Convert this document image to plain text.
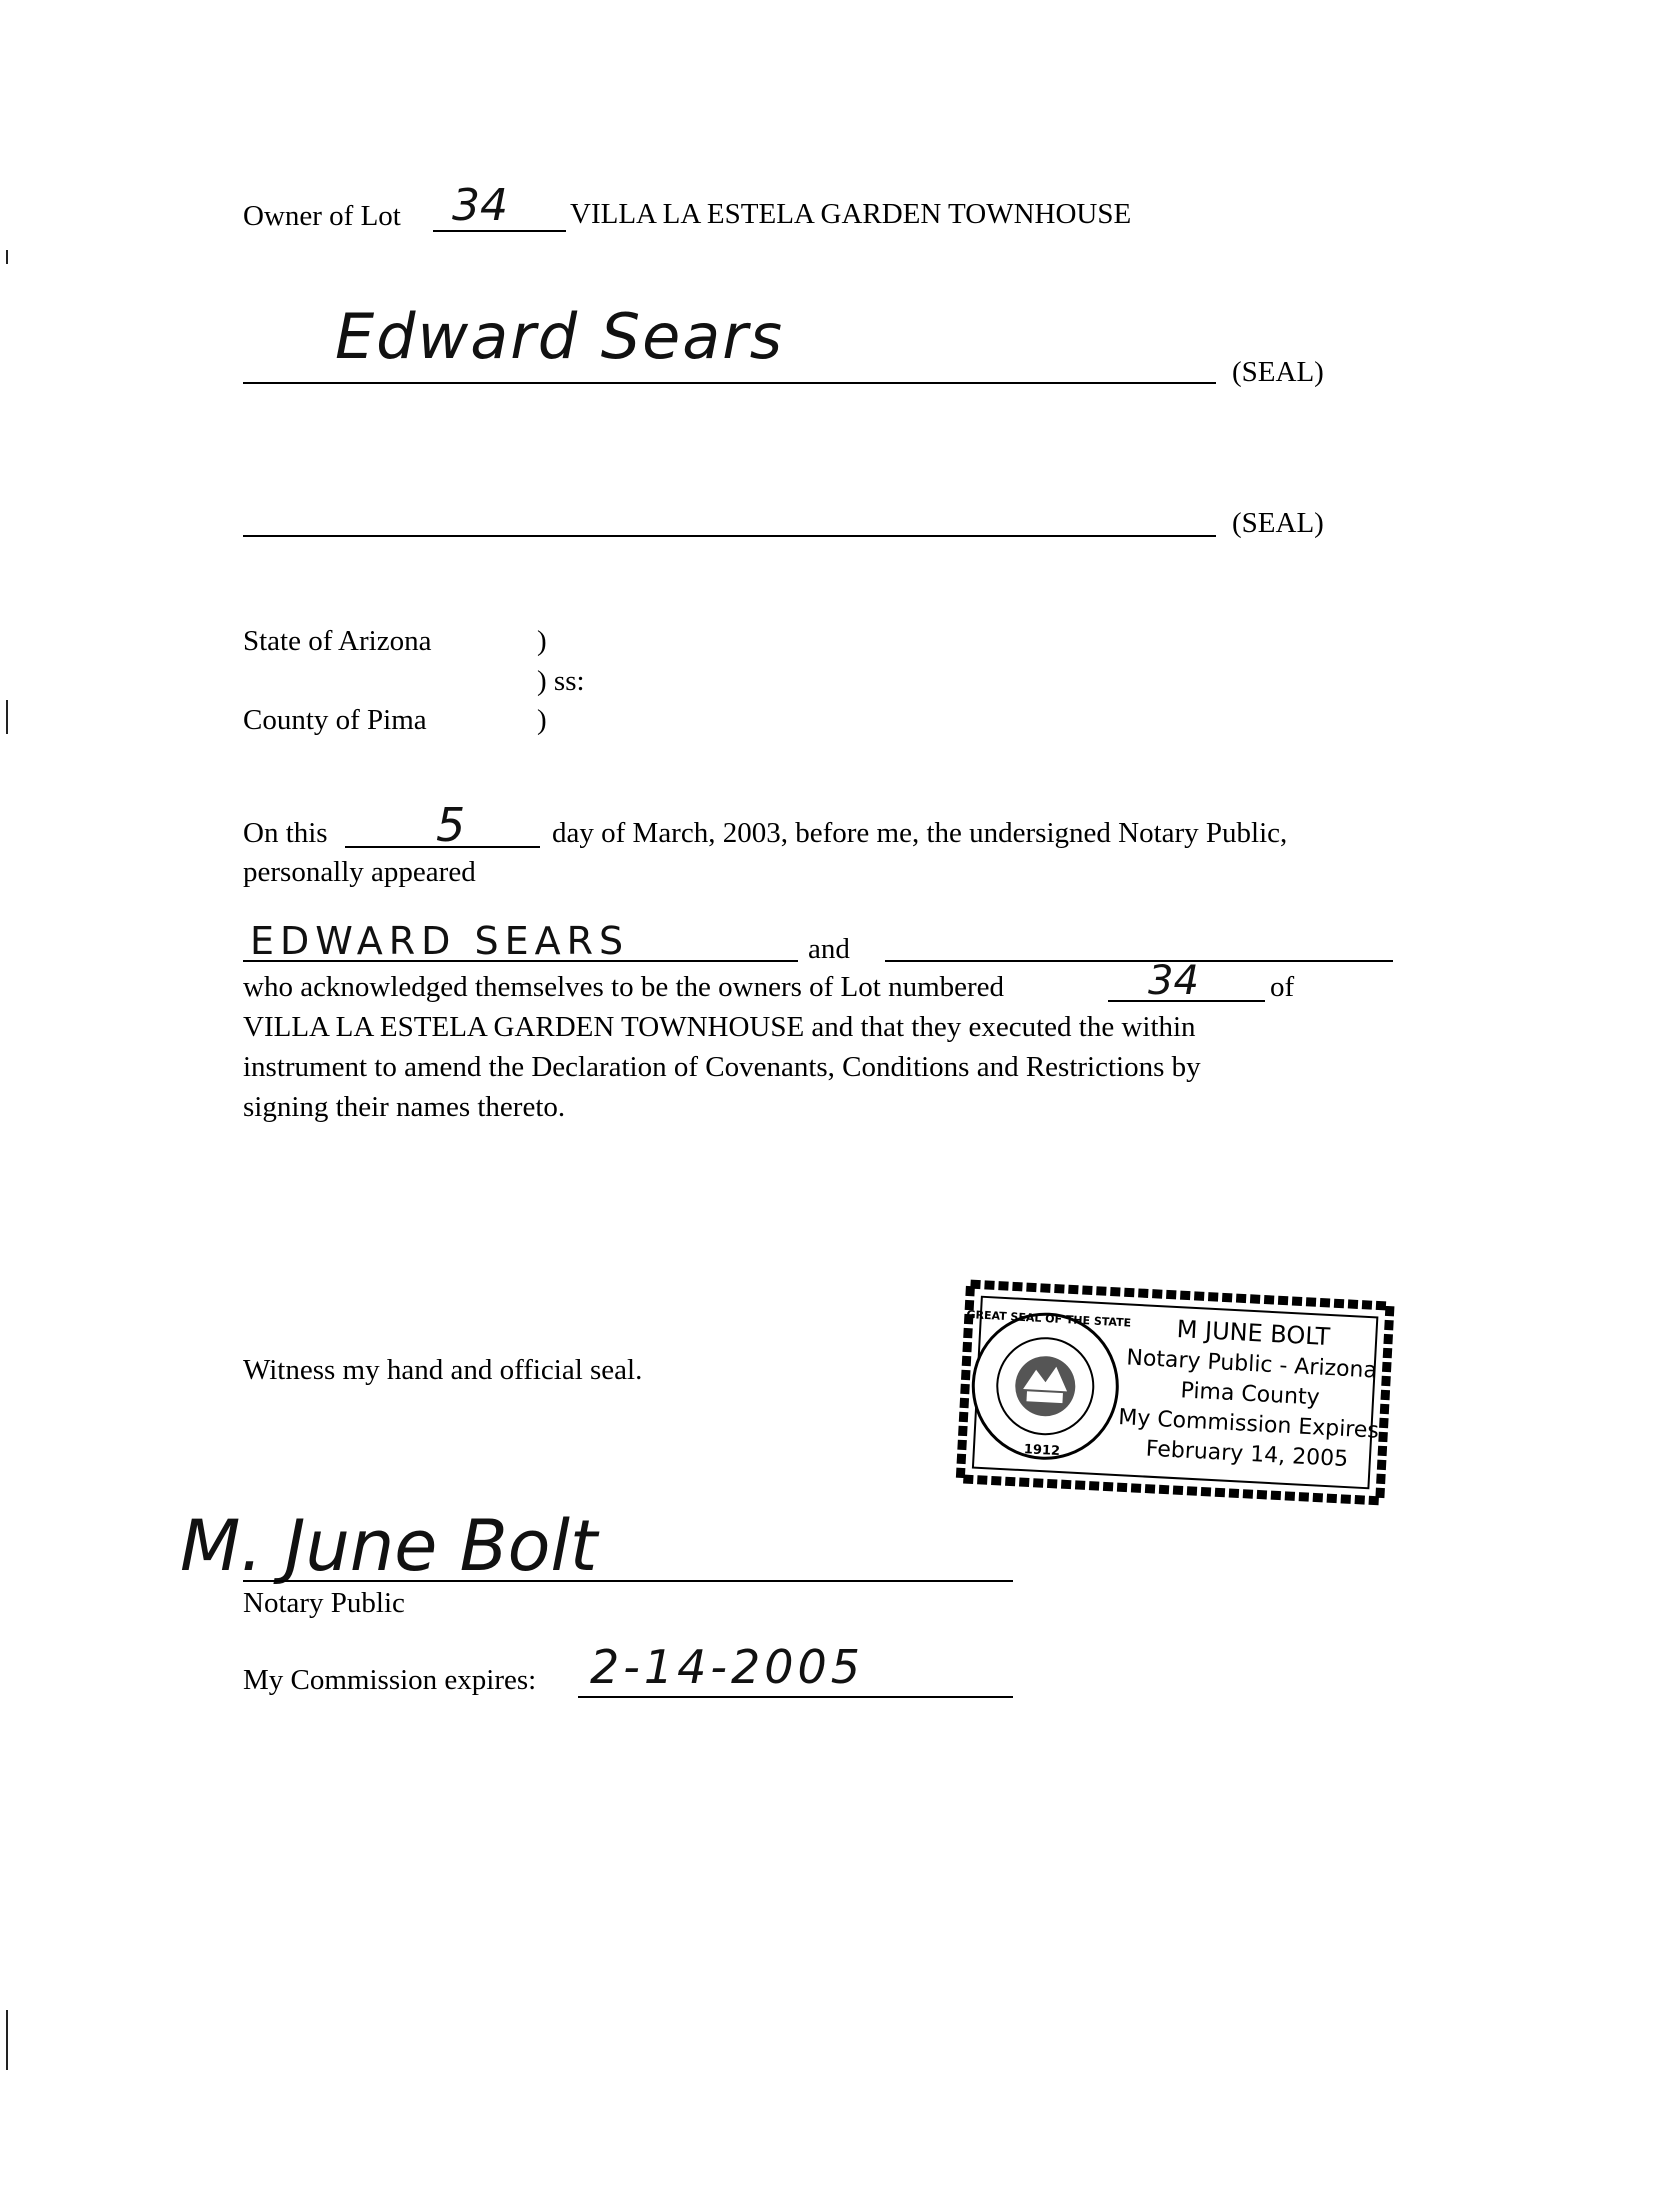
Owner of Lot 34 VILLA LA ESTELA GARDEN TOWNHOUSE
Edward Sears	(SEAL)
(SEAL)
State of Arizona	)
) ss:
County of Pima	)
On this 5	day of March, 2003, before me, the undersigned Notary Public,
personally appeared
EDWARD SEARS	and
who acknowledged themselves to be the owners of Lot numbered	34 of
VILLA LA ESTELA GARDEN TOWNHOUSE and that they executed the within
instrument to amend the Declaration of Covenants, Conditions and Restrictions by
signing their names thereto.
Witness my hand and official seal.
GREAT SEAL OF THE STATE
1912
M JUNE BOLT
Notary Public - Arizona
Pima County
My Commission Expires
February 14, 2005
M. June Bolt
Notary Public
My Commission expires: 2-14-2005
